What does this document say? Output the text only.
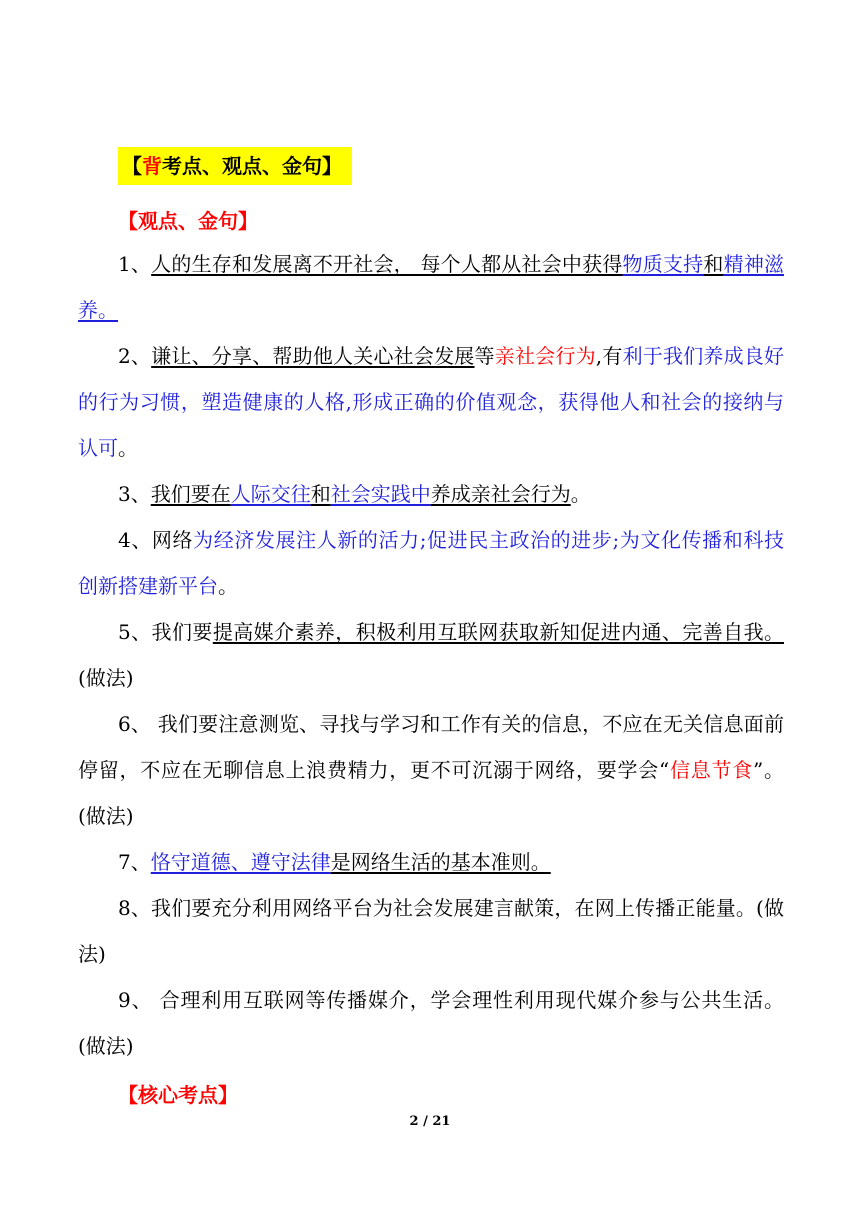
【背考点、观点、金句】
【观点、金句】
1、人的生存和发展离不开社会， 每个人都从社会中获得物质支持和精神滋养。
2、谦让、分享、帮助他人关心社会发展等亲社会行为,有利于我们养成良好的行为习惯，塑造健康的人格,形成正确的价值观念，获得他人和社会的接纳与认可。
3、我们要在人际交往和社会实践中养成亲社会行为。
4、网络为经济发展注人新的活力;促进民主政治的进步;为文化传播和科技创新搭建新平台。
5、我们要提高媒介素养，积极利用互联网获取新知促进内通、完善自我。(做法)
6、 我们要注意测览、寻找与学习和工作有关的信息，不应在无关信息面前停留，不应在无聊信息上浪费精力，更不可沉溺于网络，要学会“信息节食”。(做法)
7、恪守道德、遵守法律是网络生活的基本准则。
8、我们要充分利用网络平台为社会发展建言献策，在网上传播正能量。(做法)
9、 合理利用互联网等传播媒介，学会理性利用现代媒介参与公共生活。(做法)
【核心考点】
2 / 21
